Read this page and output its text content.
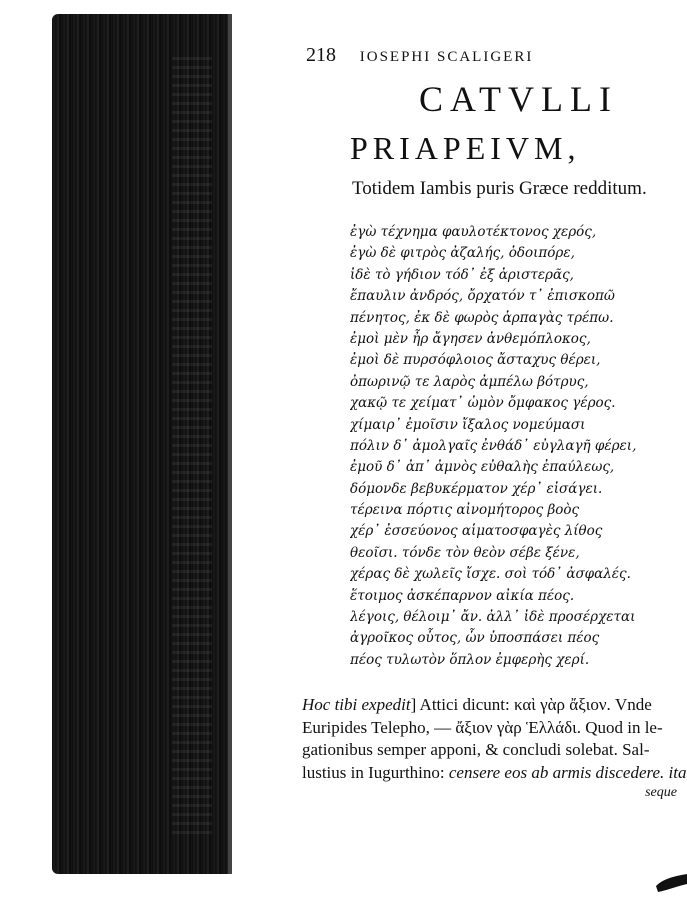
218 IOSEPHI SCALIGERI
CATVLLI
PRIAPEIVM,
Totidem Iambis puris Græce redditum.
ἐγὼ τέχνημα φαυλοτέκτονος χερός,
ἐγὼ δὲ φιτρὸς ἀζαλής, ὁδοιπόρε,
ἰδὲ τὸ γήδιον τόδ᾽ ἐξ ἀριστερᾶς,
ἔπαυλιν ἀνδρός, ὄρχατόν τ᾽ ἐπισκοπῶ
πένητος, ἐκ δὲ φωρὸς ἁρπαγὰς τρέπω.
ἐμοὶ μὲν ἦρ ἄγησεν ἀνθεμόπλοκος,
ἐμοὶ δὲ πυρσόφλοιος ἄσταχυς θέρει,
ὀπωρινῷ τε λαρὸς ἀμπέλω βότρυς,
χακῷ τε χείματ᾽ ὠμὸν ὄμφακος γέρος.
χίμαιρ᾽ ἐμοῖσιν ἴξαλος νομεύμασι
πόλιν δ᾽ ἀμολγαῖς ἐνθάδ᾽ εὐγλαγῆ φέρει,
ἐμοῦ δ᾽ ἀπ᾽ ἀμνὸς εὐθαλὴς ἐπαύλεως,
δόμονδε βεβυκέρματον χέρ᾽ εἰσάγει.
τέρεινα πόρτις αἰνομήτορος βοὸς
χέρ᾽ ἐσσεύονος αἱματοσφαγὲς λίθος
θεοῖσι. τόνδε τὸν θεὸν σέβε ξένε,
χέρας δὲ χωλεῖς ἴσχε. σοὶ τόδ᾽ ἀσφαλές.
ἕτοιμος ἀσκέπαρνον αἰκία πέος.
λέγοις, θέλοιμ᾽ ἄν. ἀλλ᾽ ἰδὲ προσέρχεται
ἀγροῖκος οὗτος, ὧν ὑποσπάσει πέος
πέος τυλωτὸν ὅπλον ἐμφερὴς χερί.
Hoc tibi expedit] Attici dicunt: καὶ γὰρ ἄξιον. Vnde
Euripides Telepho, — ἄξιον γὰρ Ἑλλάδι. Quod in le-
gationibus semper apponi, & concludi solebat. Sal-
lustius in Iugurthino: censere eos ab armis discedere. ita
seque
